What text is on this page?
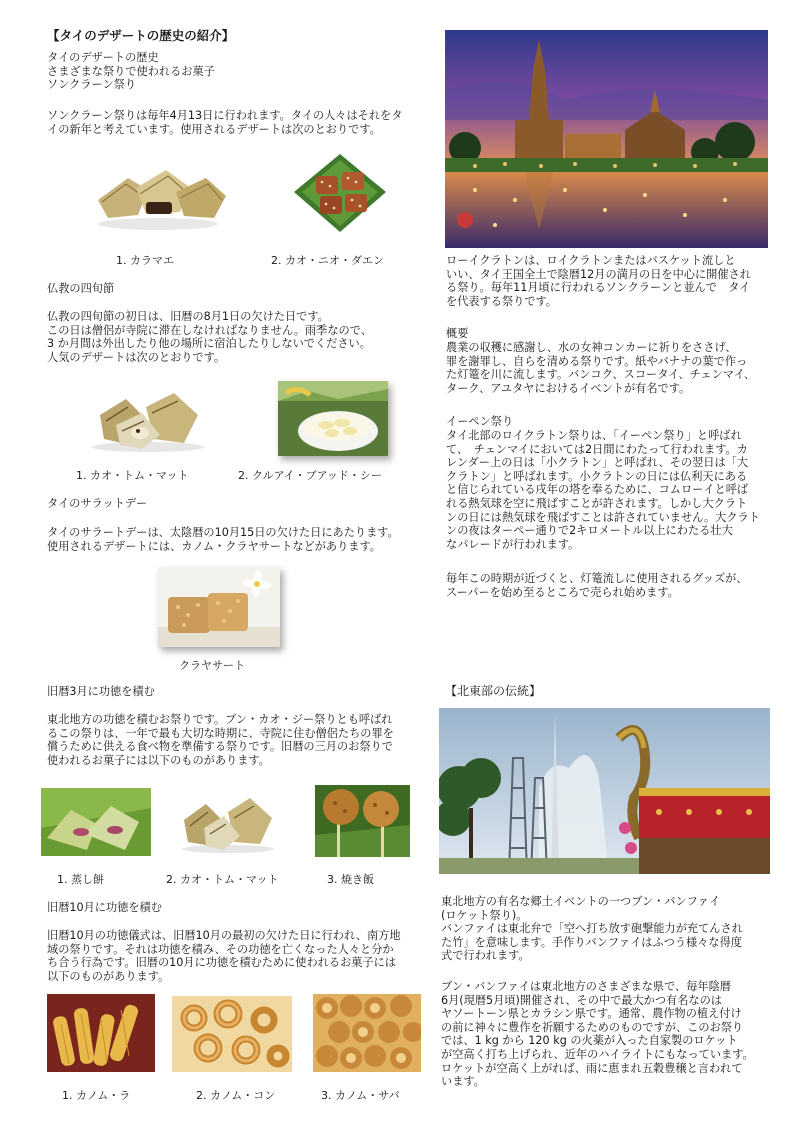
【タイのデザートの歴史の紹介】
タイのデザートの歴史
さまざまな祭りで使われるお菓子
ソンクラーン祭り
ソンクラーン祭りは毎年4月13日に行われます。タイの人々はそれをタ
イの新年と考えています。使用されるデザートは次のとおりです。
1. カラマエ	2. カオ・ニオ・ダエン
仏教の四旬節
仏教の四旬節の初日は、旧暦の8月1日の欠けた日です。
この日は僧侶が寺院に滞在しなければなりません。雨季なので、
3 か月間は外出したり他の場所に宿泊したりしないでください。
人気のデザートは次のとおりです。
1. カオ・トム・マット	2. クルアイ・ブアッド・シー
タイのサラットデー
タイのサラートデーは、太陰暦の10月15日の欠けた日にあたります。
使用されるデザートには、カノム・クラヤサートなどがあります。
クラヤサート
旧暦3月に功徳を積む
東北地方の功徳を積むお祭りです。ブン・カオ・ジー祭りとも呼ばれ
るこの祭りは、一年で最も大切な時期に、寺院に住む僧侶たちの罪を
償うために供える食べ物を準備する祭りです。旧暦の三月のお祭りで
使われるお菓子には以下のものがあります。
1. 蒸し餅	2. カオ・トム・マット	3. 焼き飯
旧暦10月に功徳を積む
旧暦10月の功徳儀式は、旧暦10月の最初の欠けた日に行われ、南方地
域の祭りです。それは功徳を積み、その功徳を亡くなった人々と分か
ち合う行為です。旧暦の10月に功徳を積むために使われるお菓子には
以下のものがあります。
1. カノム・ラ	2. カノム・コン	3. カノム・サバ
ローイクラトンは、ロイクラトンまたはバスケット流しと
いい、タイ王国全土で陰暦12月の満月の日を中心に開催され
る祭り。毎年11月頃に行われるソンクラーンと並んで　タイ
を代表する祭りです。
概要
農業の収穫に感謝し、水の女神コンカーに祈りをささげ、
罪を謝罪し、自らを清める祭りです。紙やバナナの葉で作っ
た灯篭を川に流します。バンコク、スコータイ、チェンマイ、
ターク、アユタヤにおけるイベントが有名です。
イーペン祭り
タイ北部のロイクラトン祭りは、「イーペン祭り」と呼ばれ
て、　チェンマイにおいては2日間にわたって行われます。カ
レンダー上の日は「小クラトン」と呼ばれ、その翌日は「大
クラトン」と呼ばれます。小クラトンの日には仏利天にある
と信じられている戌年の塔を奉るために、コムローイと呼ば
れる熱気球を空に飛ばすことが許されます。しかし大クラト
ンの日には熱気球を飛ばすことは許されていません。大クラト
ンの夜はターペー通りで2キロメートル以上にわたる壮大
なパレードが行われます。
毎年この時期が近づくと、灯篭流しに使用されるグッズが、
スーパーを始め至るところで売られ始めます。
【北東部の伝統】
東北地方の有名な郷土イベントの一つブン・バンファイ
(ロケット祭り)。
バンファイは東北弁で「空へ打ち放す砲撃能力が充てんされ
た竹」を意味します。手作りバンファイはふつう様々な得度
式で行われます。
ブン・バンファイは東北地方のさまざまな県で、毎年陰暦
6月(現暦5月頃)開催され、その中で最大かつ有名なのは
ヤソートーン県とカラシン県です。通常、農作物の植え付け
の前に神々に豊作を祈願するためのものですが、このお祭り
では、1 kg から 120 kg の火薬が入った自家製のロケット
が空高く打ち上げられ、近年のハイライトにもなっています。
ロケットが空高く上がれば、雨に恵まれ五穀豊穣と言われて
います。
